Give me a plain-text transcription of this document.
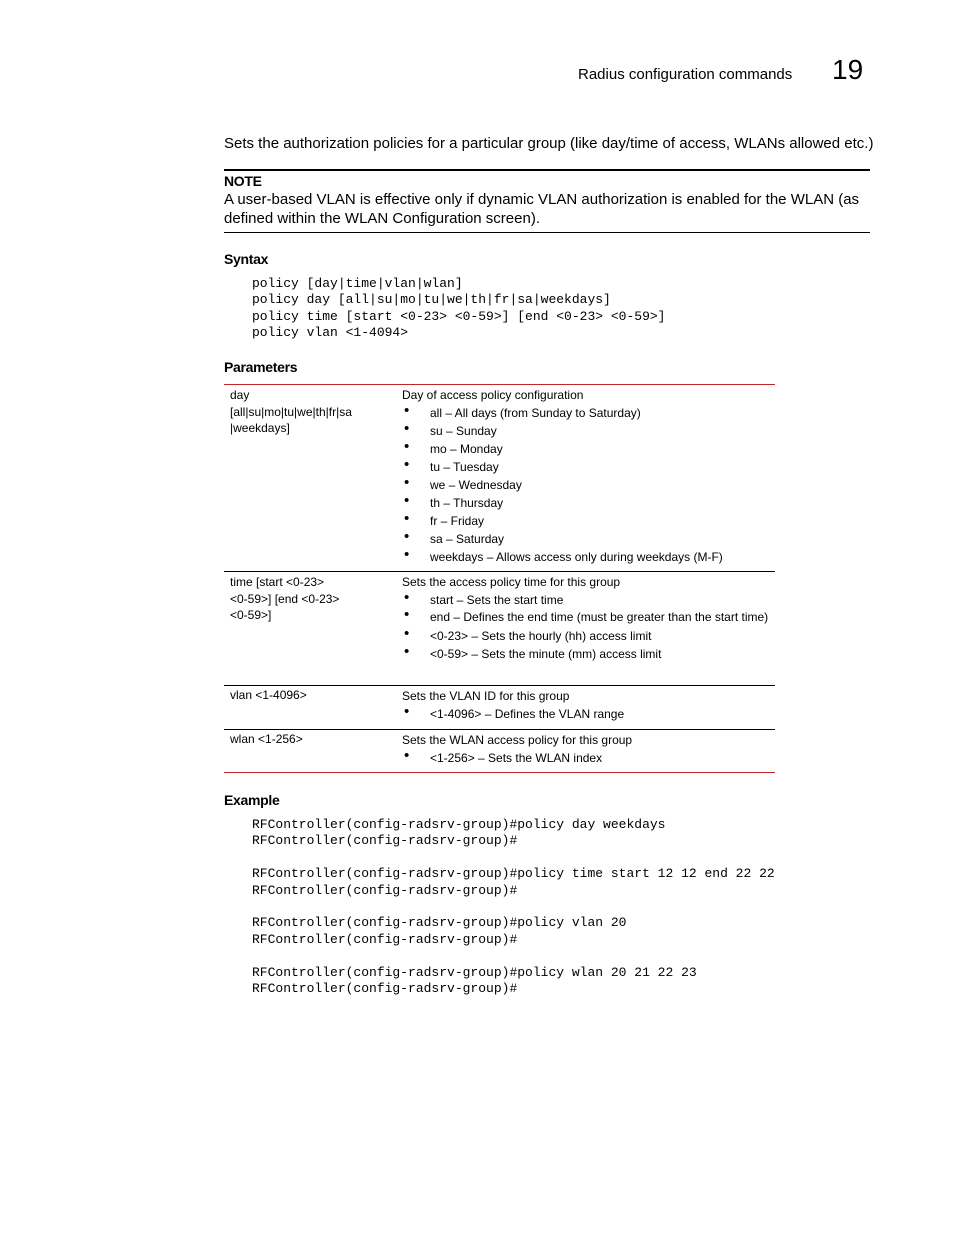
Radius configuration commands 19
Sets the authorization policies for a particular group (like day/time of access, WLANs allowed etc.)
NOTE
A user-based VLAN is effective only if dynamic VLAN authorization is enabled for the WLAN (as defined within the WLAN Configuration screen).
Syntax
policy [day|time|vlan|wlan]
policy day [all|su|mo|tu|we|th|fr|sa|weekdays]
policy time [start <0-23> <0-59>] [end <0-23> <0-59>]
policy vlan <1-4094>
Parameters
day
[all|su|mo|tu|we|th|fr|sa
|weekdays]
Day of access policy configuration
• all – All days (from Sunday to Saturday)
• su – Sunday
• mo – Monday
• tu – Tuesday
• we – Wednesday
• th – Thursday
• fr – Friday
• sa – Saturday
• weekdays – Allows access only during weekdays (M-F)
time [start <0-23>
<0-59>] [end <0-23>
<0-59>]
Sets the access policy time for this group
• start – Sets the start time
• end – Defines the end time (must be greater than the start time)
• <0-23> – Sets the hourly (hh) access limit
• <0-59> – Sets the minute (mm) access limit
vlan <1-4096>	Sets the VLAN ID for this group
• <1-4096> – Defines the VLAN range
wlan <1-256>	Sets the WLAN access policy for this group
• <1-256> – Sets the WLAN index
Example
RFController(config-radsrv-group)#policy day weekdays
RFController(config-radsrv-group)#

RFController(config-radsrv-group)#policy time start 12 12 end 22 22
RFController(config-radsrv-group)#

RFController(config-radsrv-group)#policy vlan 20
RFController(config-radsrv-group)#

RFController(config-radsrv-group)#policy wlan 20 21 22 23
RFController(config-radsrv-group)#
